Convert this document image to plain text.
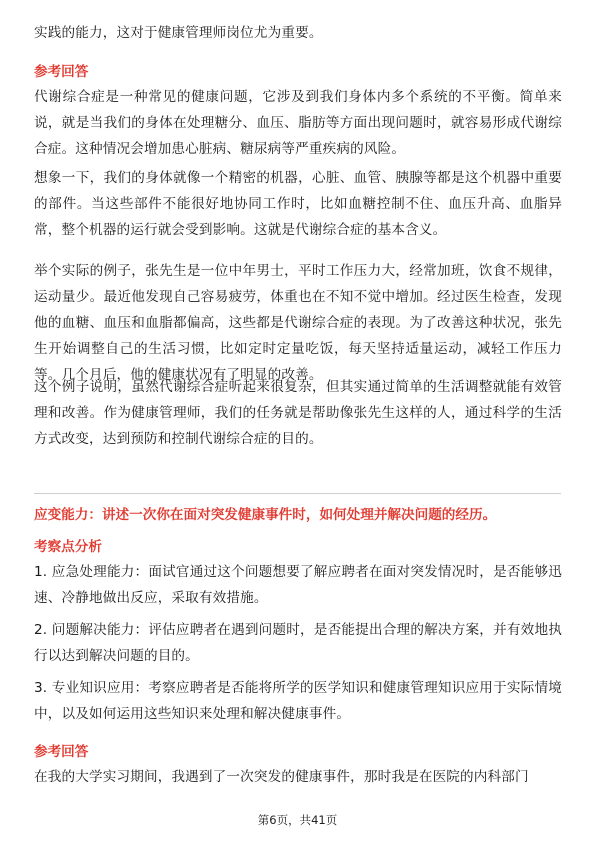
实践的能力，这对于健康管理师岗位尤为重要。

参考回答

代谢综合症是一种常见的健康问题，它涉及到我们身体内多个系统的不平衡。简单来说，就是当我们的身体在处理糖分、血压、脂肪等方面出现问题时，就容易形成代谢综合症。这种情况会增加患心脏病、糖尿病等严重疾病的风险。

想象一下，我们的身体就像一个精密的机器，心脏、血管、胰腺等都是这个机器中重要的部件。当这些部件不能很好地协同工作时，比如血糖控制不住、血压升高、血脂异常，整个机器的运行就会受到影响。这就是代谢综合症的基本含义。

举个实际的例子，张先生是一位中年男士，平时工作压力大，经常加班，饮食不规律，运动量少。最近他发现自己容易疲劳，体重也在不知不觉中增加。经过医生检查，发现他的血糖、血压和血脂都偏高，这些都是代谢综合症的表现。为了改善这种状况，张先生开始调整自己的生活习惯，比如定时定量吃饭，每天坚持适量运动，减轻工作压力等。几个月后，他的健康状况有了明显的改善。

这个例子说明，虽然代谢综合症听起来很复杂，但其实通过简单的生活调整就能有效管理和改善。作为健康管理师，我们的任务就是帮助像张先生这样的人，通过科学的生活方式改变，达到预防和控制代谢综合症的目的。

应变能力：讲述一次你在面对突发健康事件时，如何处理并解决问题的经历。

考察点分析

1. 应急处理能力：面试官通过这个问题想要了解应聘者在面对突发情况时，是否能够迅速、冷静地做出反应，采取有效措施。

2. 问题解决能力：评估应聘者在遇到问题时，是否能提出合理的解决方案，并有效地执行以达到解决问题的目的。

3. 专业知识应用：考察应聘者是否能将所学的医学知识和健康管理知识应用于实际情境中，以及如何运用这些知识来处理和解决健康事件。

参考回答

在我的大学实习期间，我遇到了一次突发的健康事件，那时我是在医院的内科部门

第6页，共41页
